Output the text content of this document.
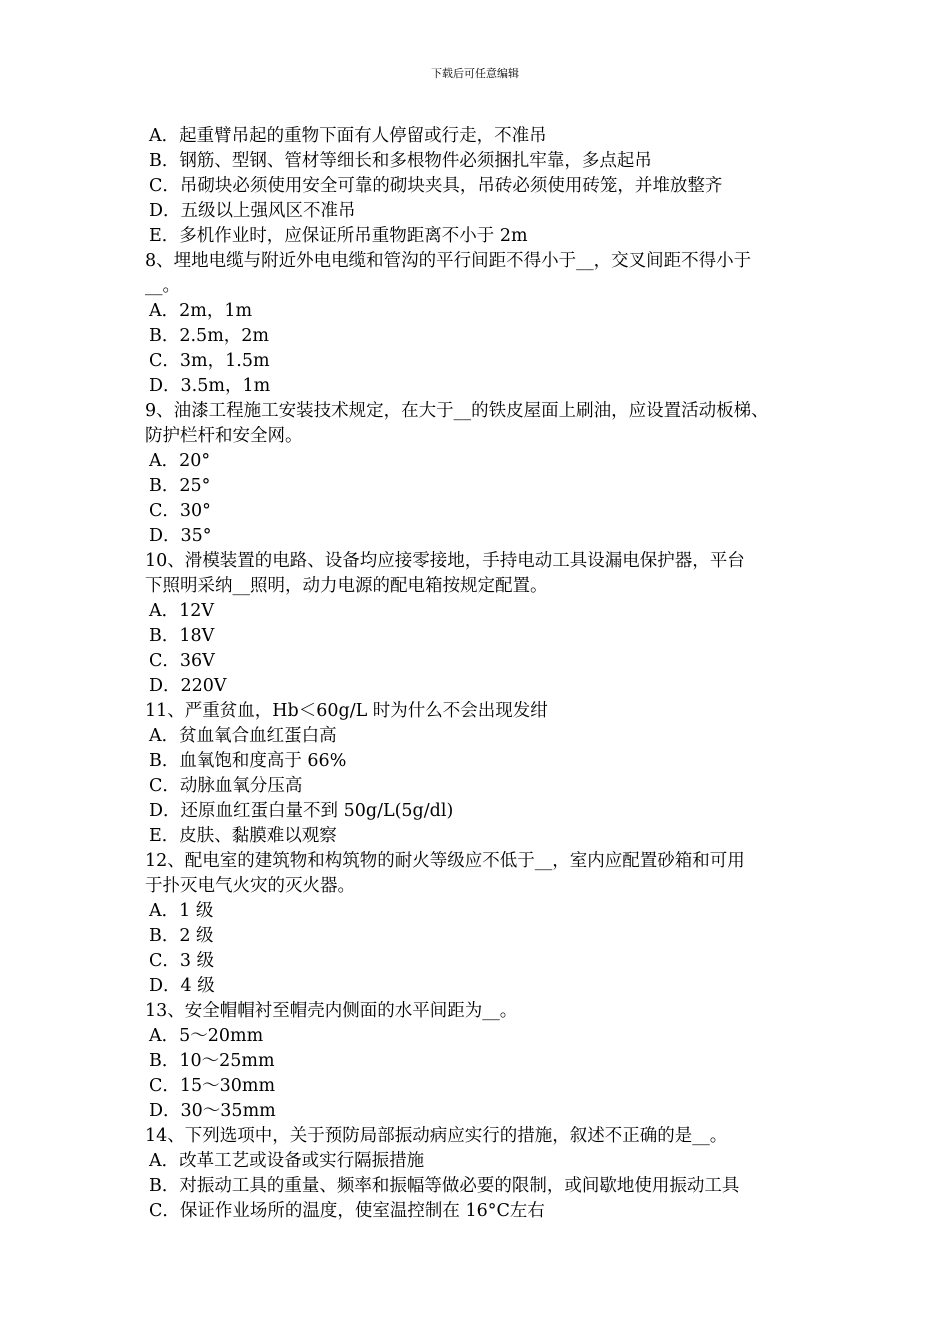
下载后可任意编辑
A．起重臂吊起的重物下面有人停留或行走，不准吊
B．钢筋、型钢、管材等细长和多根物件必须捆扎牢靠，多点起吊
C．吊砌块必须使用安全可靠的砌块夹具，吊砖必须使用砖笼，并堆放整齐
D．五级以上强风区不准吊
E．多机作业时，应保证所吊重物距离不小于 2m
8、埋地电缆与附近外电电缆和管沟的平行间距不得小于__，交叉间距不得小于
__。
A．2m，1m
B．2.5m，2m
C．3m，1.5m
D．3.5m，1m
9、油漆工程施工安装技术规定，在大于__的铁皮屋面上刷油，应设置活动板梯、
防护栏杆和安全网。
A．20°
B．25°
C．30°
D．35°
10、滑模装置的电路、设备均应接零接地，手持电动工具设漏电保护器，平台
下照明采纳__照明，动力电源的配电箱按规定配置。
A．12V
B．18V
C．36V
D．220V
11、严重贫血，Hb＜60g/L 时为什么不会出现发绀
A．贫血氧合血红蛋白高
B．血氧饱和度高于 66%
C．动脉血氧分压高
D．还原血红蛋白量不到 50g/L(5g/dl)
E．皮肤、黏膜难以观察
12、配电室的建筑物和构筑物的耐火等级应不低于__，室内应配置砂箱和可用
于扑灭电气火灾的灭火器。
A．1 级
B．2 级
C．3 级
D．4 级
13、安全帽帽衬至帽壳内侧面的水平间距为__。
A．5～20mm
B．10～25mm
C．15～30mm
D．30～35mm
14、下列选项中，关于预防局部振动病应实行的措施，叙述不正确的是__。
A．改革工艺或设备或实行隔振措施
B．对振动工具的重量、频率和振幅等做必要的限制，或间歇地使用振动工具
C．保证作业场所的温度，使室温控制在 16°C左右
